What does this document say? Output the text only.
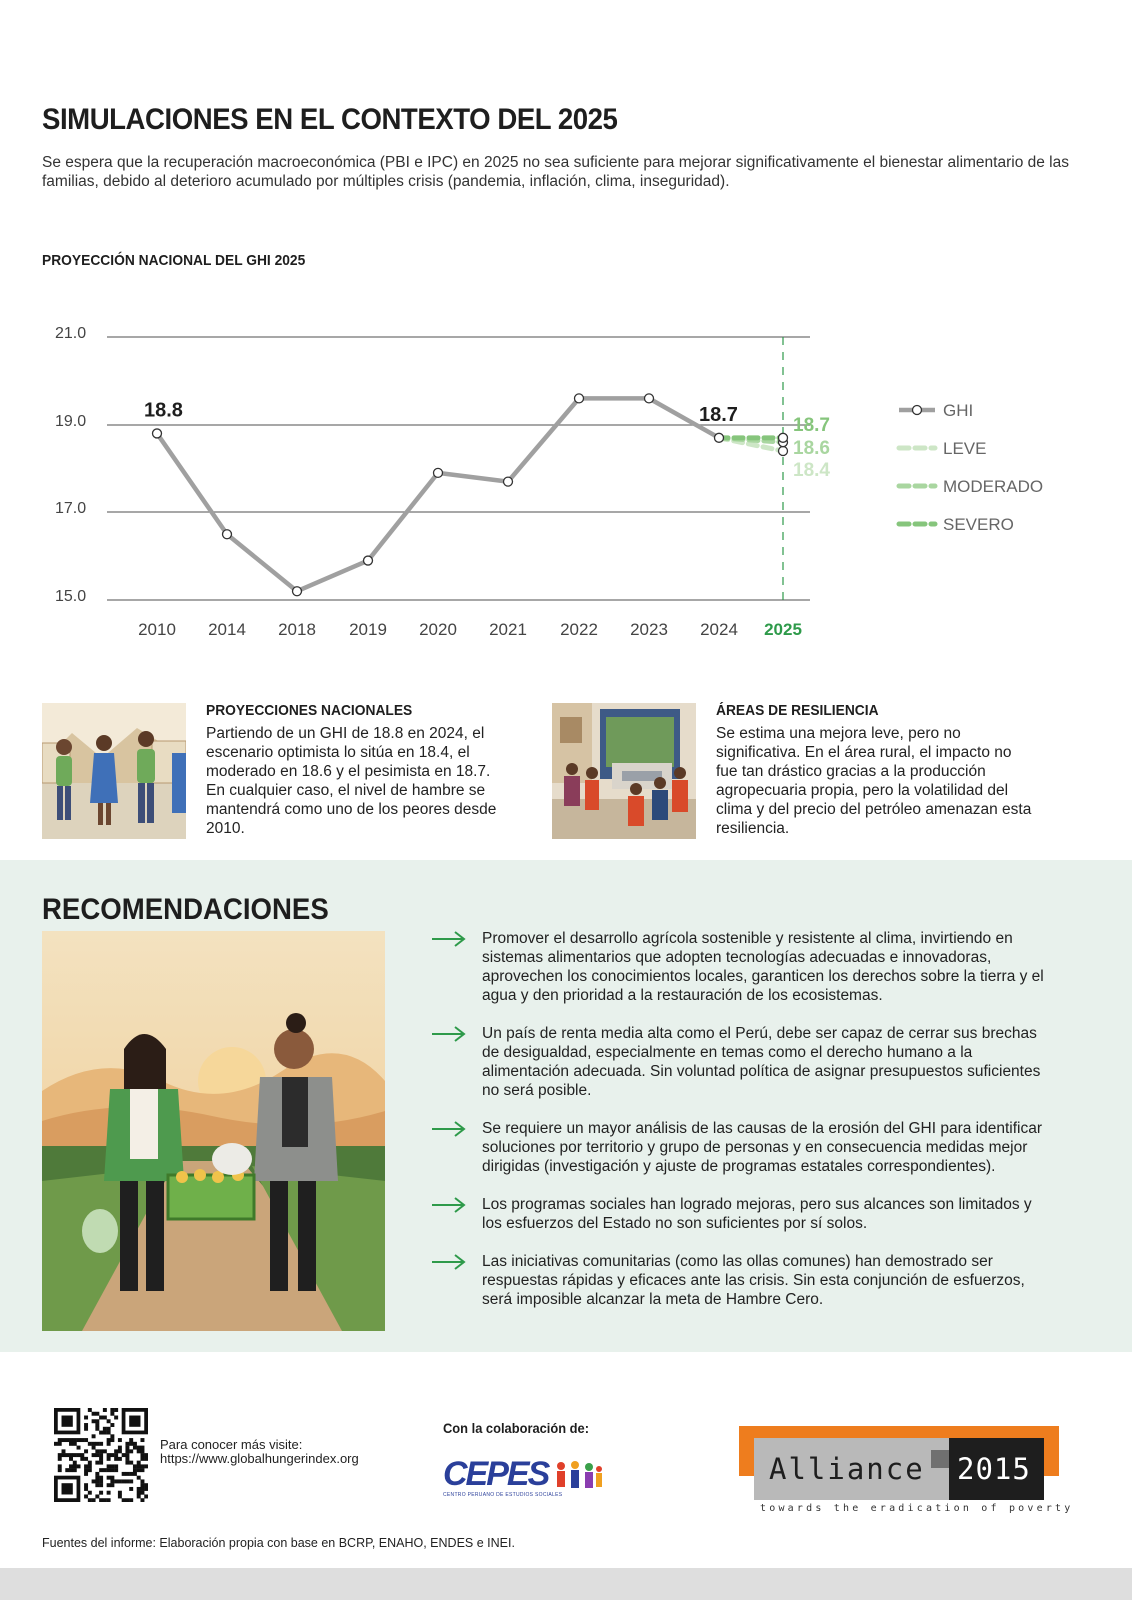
SIMULACIONES EN EL CONTEXTO DEL 2025

Se espera que la recuperación macroeconómica (PBI e IPC) en 2025 no sea suficiente para mejorar significativamente el bienestar alimentario de las familias, debido al deterioro acumulado por múltiples crisis (pandemia, inflación, clima, inseguridad).

PROYECCIÓN NACIONAL DEL GHI 2025
21.0
19.0
17.0
15.0
2010 2014 2018 2019 2020 2021 2022 2023 2024 2025
18.8	18.7	18.7
18.6
18.4
GHI
LEVE
MODERADO
SEVERO
PROYECCIONES NACIONALES

Partiendo de un GHI de 18.8 en 2024, el escenario optimista lo sitúa en 18.4, el moderado en 18.6 y el pesimista en 18.7. En cualquier caso, el nivel de hambre se mantendrá como uno de los peores desde 2010.

ÁREAS DE RESILIENCIA

Se estima una mejora leve, pero no significativa. En el área rural, el impacto no fue tan drástico gracias a la producción agropecuaria propia, pero la volatilidad del clima y del precio del petróleo amenazan esta resiliencia.

RECOMENDACIONES
Promover el desarrollo agrícola sostenible y resistente al clima, invirtiendo en sistemas alimentarios que adopten tecnologías adecuadas e innovadoras, aprovechen los conocimientos locales, garanticen los derechos sobre la tierra y el agua y den prioridad a la restauración de los ecosistemas.
Un país de renta media alta como el Perú, debe ser capaz de cerrar sus brechas de desigualdad, especialmente en temas como el derecho humano a la alimentación adecuada. Sin voluntad política de asignar presupuestos suficientes no será posible.
Se requiere un mayor análisis de las causas de la erosión del GHI para identificar soluciones por territorio y grupo de personas y en consecuencia medidas mejor dirigidas (investigación y ajuste de programas estatales correspondientes).
Los programas sociales han logrado mejoras, pero sus alcances son limitados y los esfuerzos del Estado no son suficientes por sí solos.
Las iniciativas comunitarias (como las ollas comunes) han demostrado ser respuestas rápidas y eficaces ante las crisis. Sin esta conjunción de esfuerzos, será imposible alcanzar la meta de Hambre Cero.
Para conocer más visite:
https://www.globalhungerindex.org
Con la colaboración de:
CEPES
CENTRO PERUANO DE ESTUDIOS SOCIALES
Alliance 2015
towards the eradication of poverty
Fuentes del informe: Elaboración propia con base en BCRP, ENAHO, ENDES e INEI.
